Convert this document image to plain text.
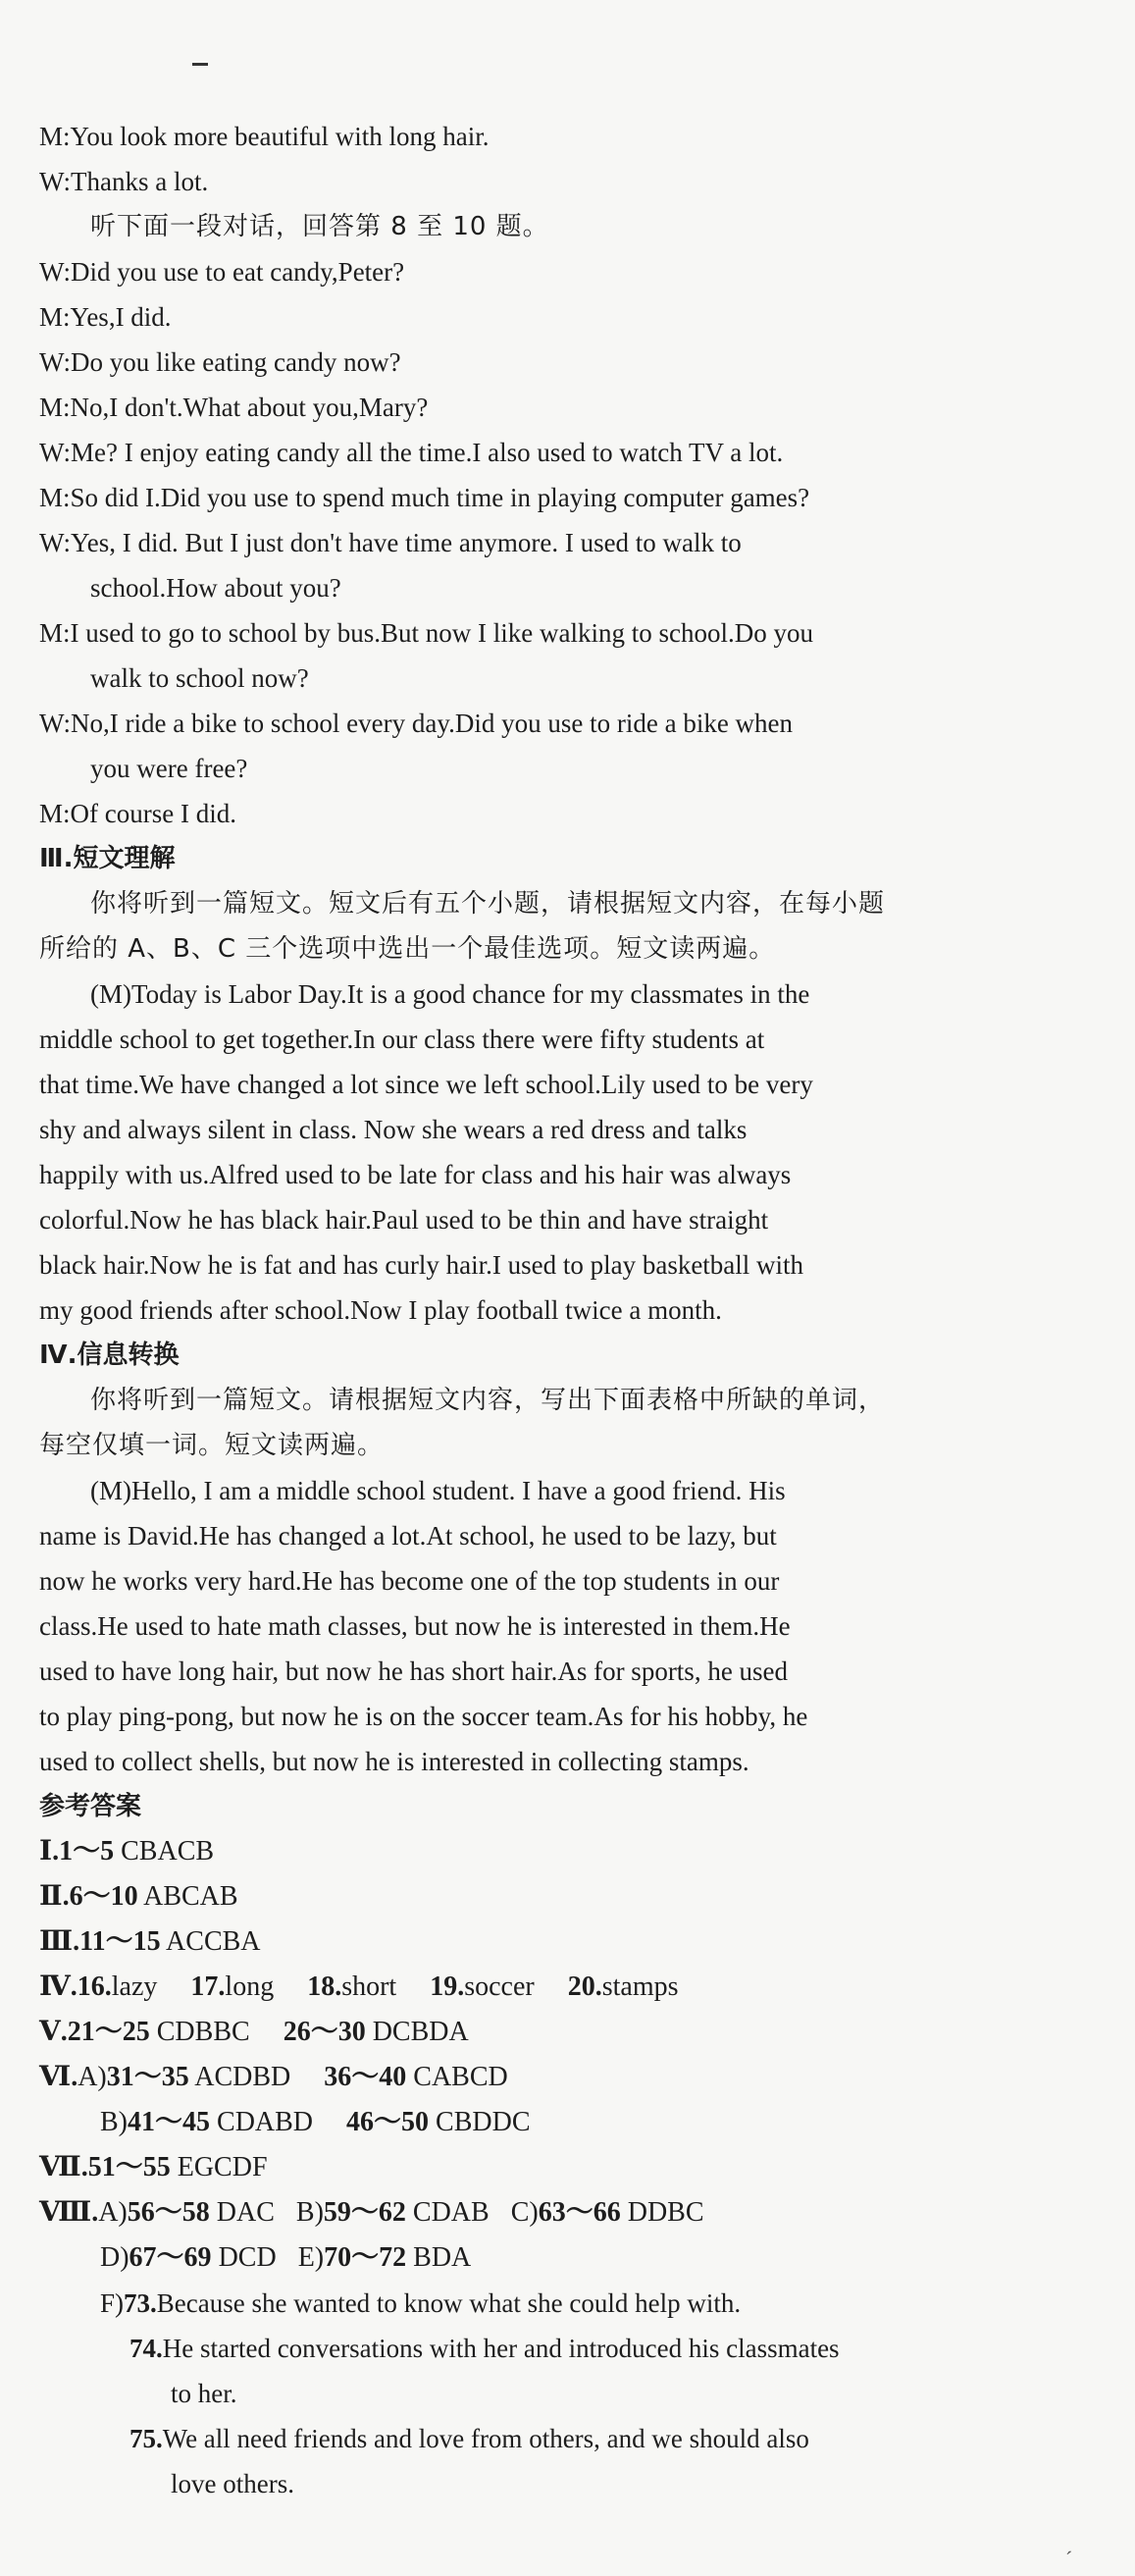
M:You look more beautiful with long hair.
W:Thanks a lot.
听下面一段对话，回答第 8 至 10 题。
W:Did you use to eat candy,Peter?
M:Yes,I did.
W:Do you like eating candy now?
M:No,I don't.What about you,Mary?
W:Me? I enjoy eating candy all the time.I also used to watch TV a lot.
M:So did I.Did you use to spend much time in playing computer games?
W:Yes, I did. But I just don't have time anymore. I used to walk to
school.How about you?
M:I used to go to school by bus.But now I like walking to school.Do you
walk to school now?
W:No,I ride a bike to school every day.Did you use to ride a bike when
you were free?
M:Of course I did.
Ⅲ.短文理解
你将听到一篇短文。短文后有五个小题，请根据短文内容，在每小题
所给的 A、B、C 三个选项中选出一个最佳选项。短文读两遍。
(M)Today is Labor Day.It is a good chance for my classmates in the
middle school to get together.In our class there were fifty students at
that time.We have changed a lot since we left school.Lily used to be very
shy and always silent in class. Now she wears a red dress and talks
happily with us.Alfred used to be late for class and his hair was always
colorful.Now he has black hair.Paul used to be thin and have straight
black hair.Now he is fat and has curly hair.I used to play basketball with
my good friends after school.Now I play football twice a month.
Ⅳ.信息转换
你将听到一篇短文。请根据短文内容，写出下面表格中所缺的单词，
每空仅填一词。短文读两遍。
(M)Hello, I am a middle school student. I have a good friend. His
name is David.He has changed a lot.At school, he used to be lazy, but
now he works very hard.He has become one of the top students in our
class.He used to hate math classes, but now he is interested in them.He
used to have long hair, but now he has short hair.As for sports, he used
to play ping-pong, but now he is on the soccer team.As for his hobby, he
used to collect shells, but now he is interested in collecting stamps.
参考答案
Ⅰ.1～5 CBACB
Ⅱ.6～10 ABCAB
Ⅲ.11～15 ACCBA
Ⅳ.16.lazy 17.long 18.short 19.soccer 20.stamps
Ⅴ.21～25 CDBBC 26～30 DCBDA
Ⅵ.A)31～35 ACDBD 36～40 CABCD
B)41～45 CDABD 46～50 CBDDC
Ⅶ.51～55 EGCDF
Ⅷ.A)56～58 DAC B)59～62 CDAB C)63～66 DDBC
D)67～69 DCD E)70～72 BDA
F)73.Because she wanted to know what she could help with.
74.He started conversations with her and introduced his classmates
to her.
75.We all need friends and love from others, and we should also
love others.
ˊ
